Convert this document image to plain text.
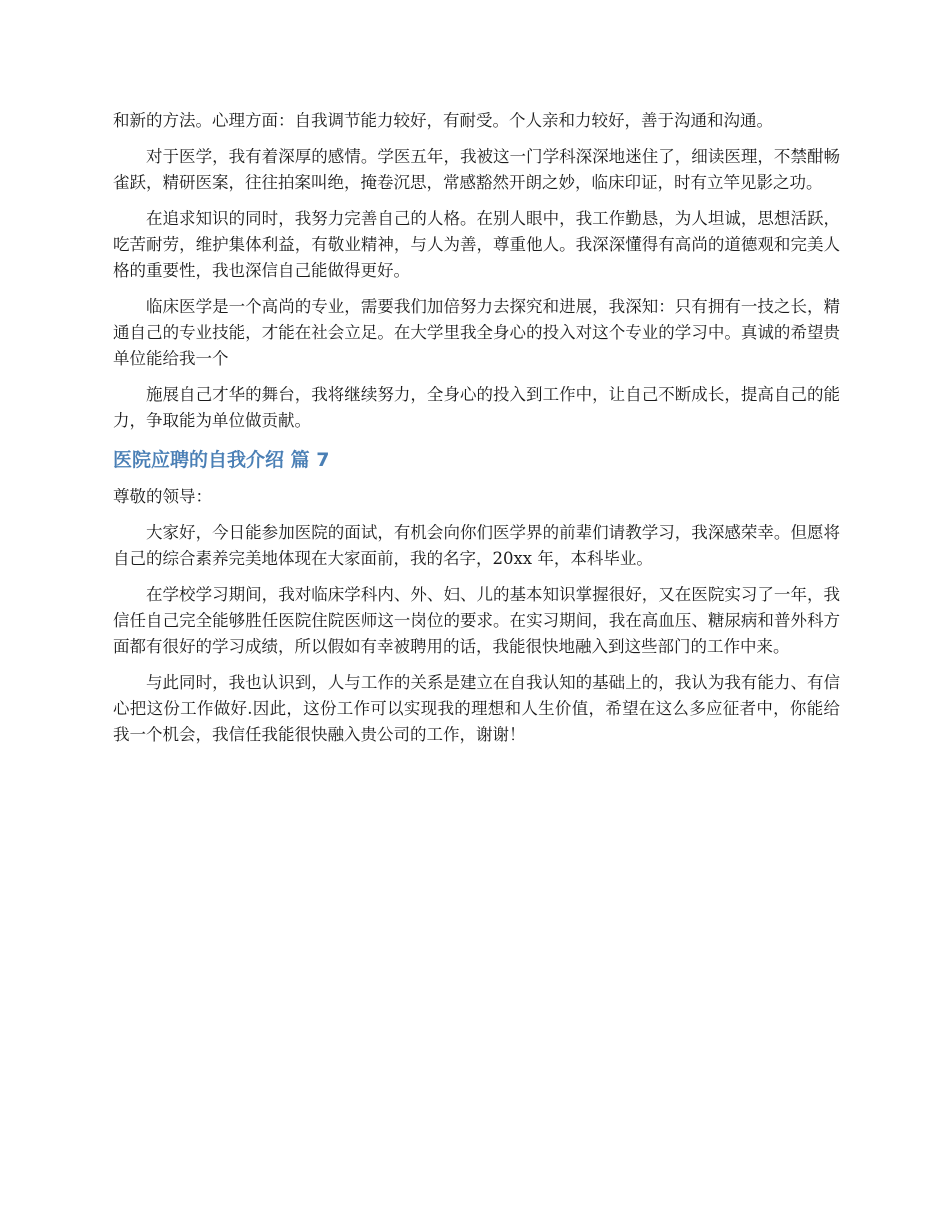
和新的方法。心理方面：自我调节能力较好，有耐受。个人亲和力较好，善于沟通和沟通。

对于医学，我有着深厚的感情。学医五年，我被这一门学科深深地迷住了，细读医理，不禁酣畅雀跃，精研医案，往往拍案叫绝，掩卷沉思，常感豁然开朗之妙，临床印证，时有立竿见影之功。

在追求知识的同时，我努力完善自己的人格。在别人眼中，我工作勤恳，为人坦诚，思想活跃，吃苦耐劳，维护集体利益，有敬业精神，与人为善，尊重他人。我深深懂得有高尚的道德观和完美人格的重要性，我也深信自己能做得更好。

临床医学是一个高尚的专业，需要我们加倍努力去探究和进展，我深知：只有拥有一技之长，精通自己的专业技能，才能在社会立足。在大学里我全身心的投入对这个专业的学习中。真诚的希望贵单位能给我一个

施展自己才华的舞台，我将继续努力，全身心的投入到工作中，让自己不断成长，提高自己的能力，争取能为单位做贡献。

医院应聘的自我介绍 篇 7

尊敬的领导：

大家好，今日能参加医院的面试，有机会向你们医学界的前辈们请教学习，我深感荣幸。但愿将自己的综合素养完美地体现在大家面前，我的名字，20xx 年，本科毕业。

在学校学习期间，我对临床学科内、外、妇、儿的基本知识掌握很好，又在医院实习了一年，我信任自己完全能够胜任医院住院医师这一岗位的要求。在实习期间，我在高血压、糖尿病和普外科方面都有很好的学习成绩，所以假如有幸被聘用的话，我能很快地融入到这些部门的工作中来。

与此同时，我也认识到，人与工作的关系是建立在自我认知的基础上的，我认为我有能力、有信心把这份工作做好.因此，这份工作可以实现我的理想和人生价值，希望在这么多应征者中，你能给我一个机会，我信任我能很快融入贵公司的工作，谢谢！
